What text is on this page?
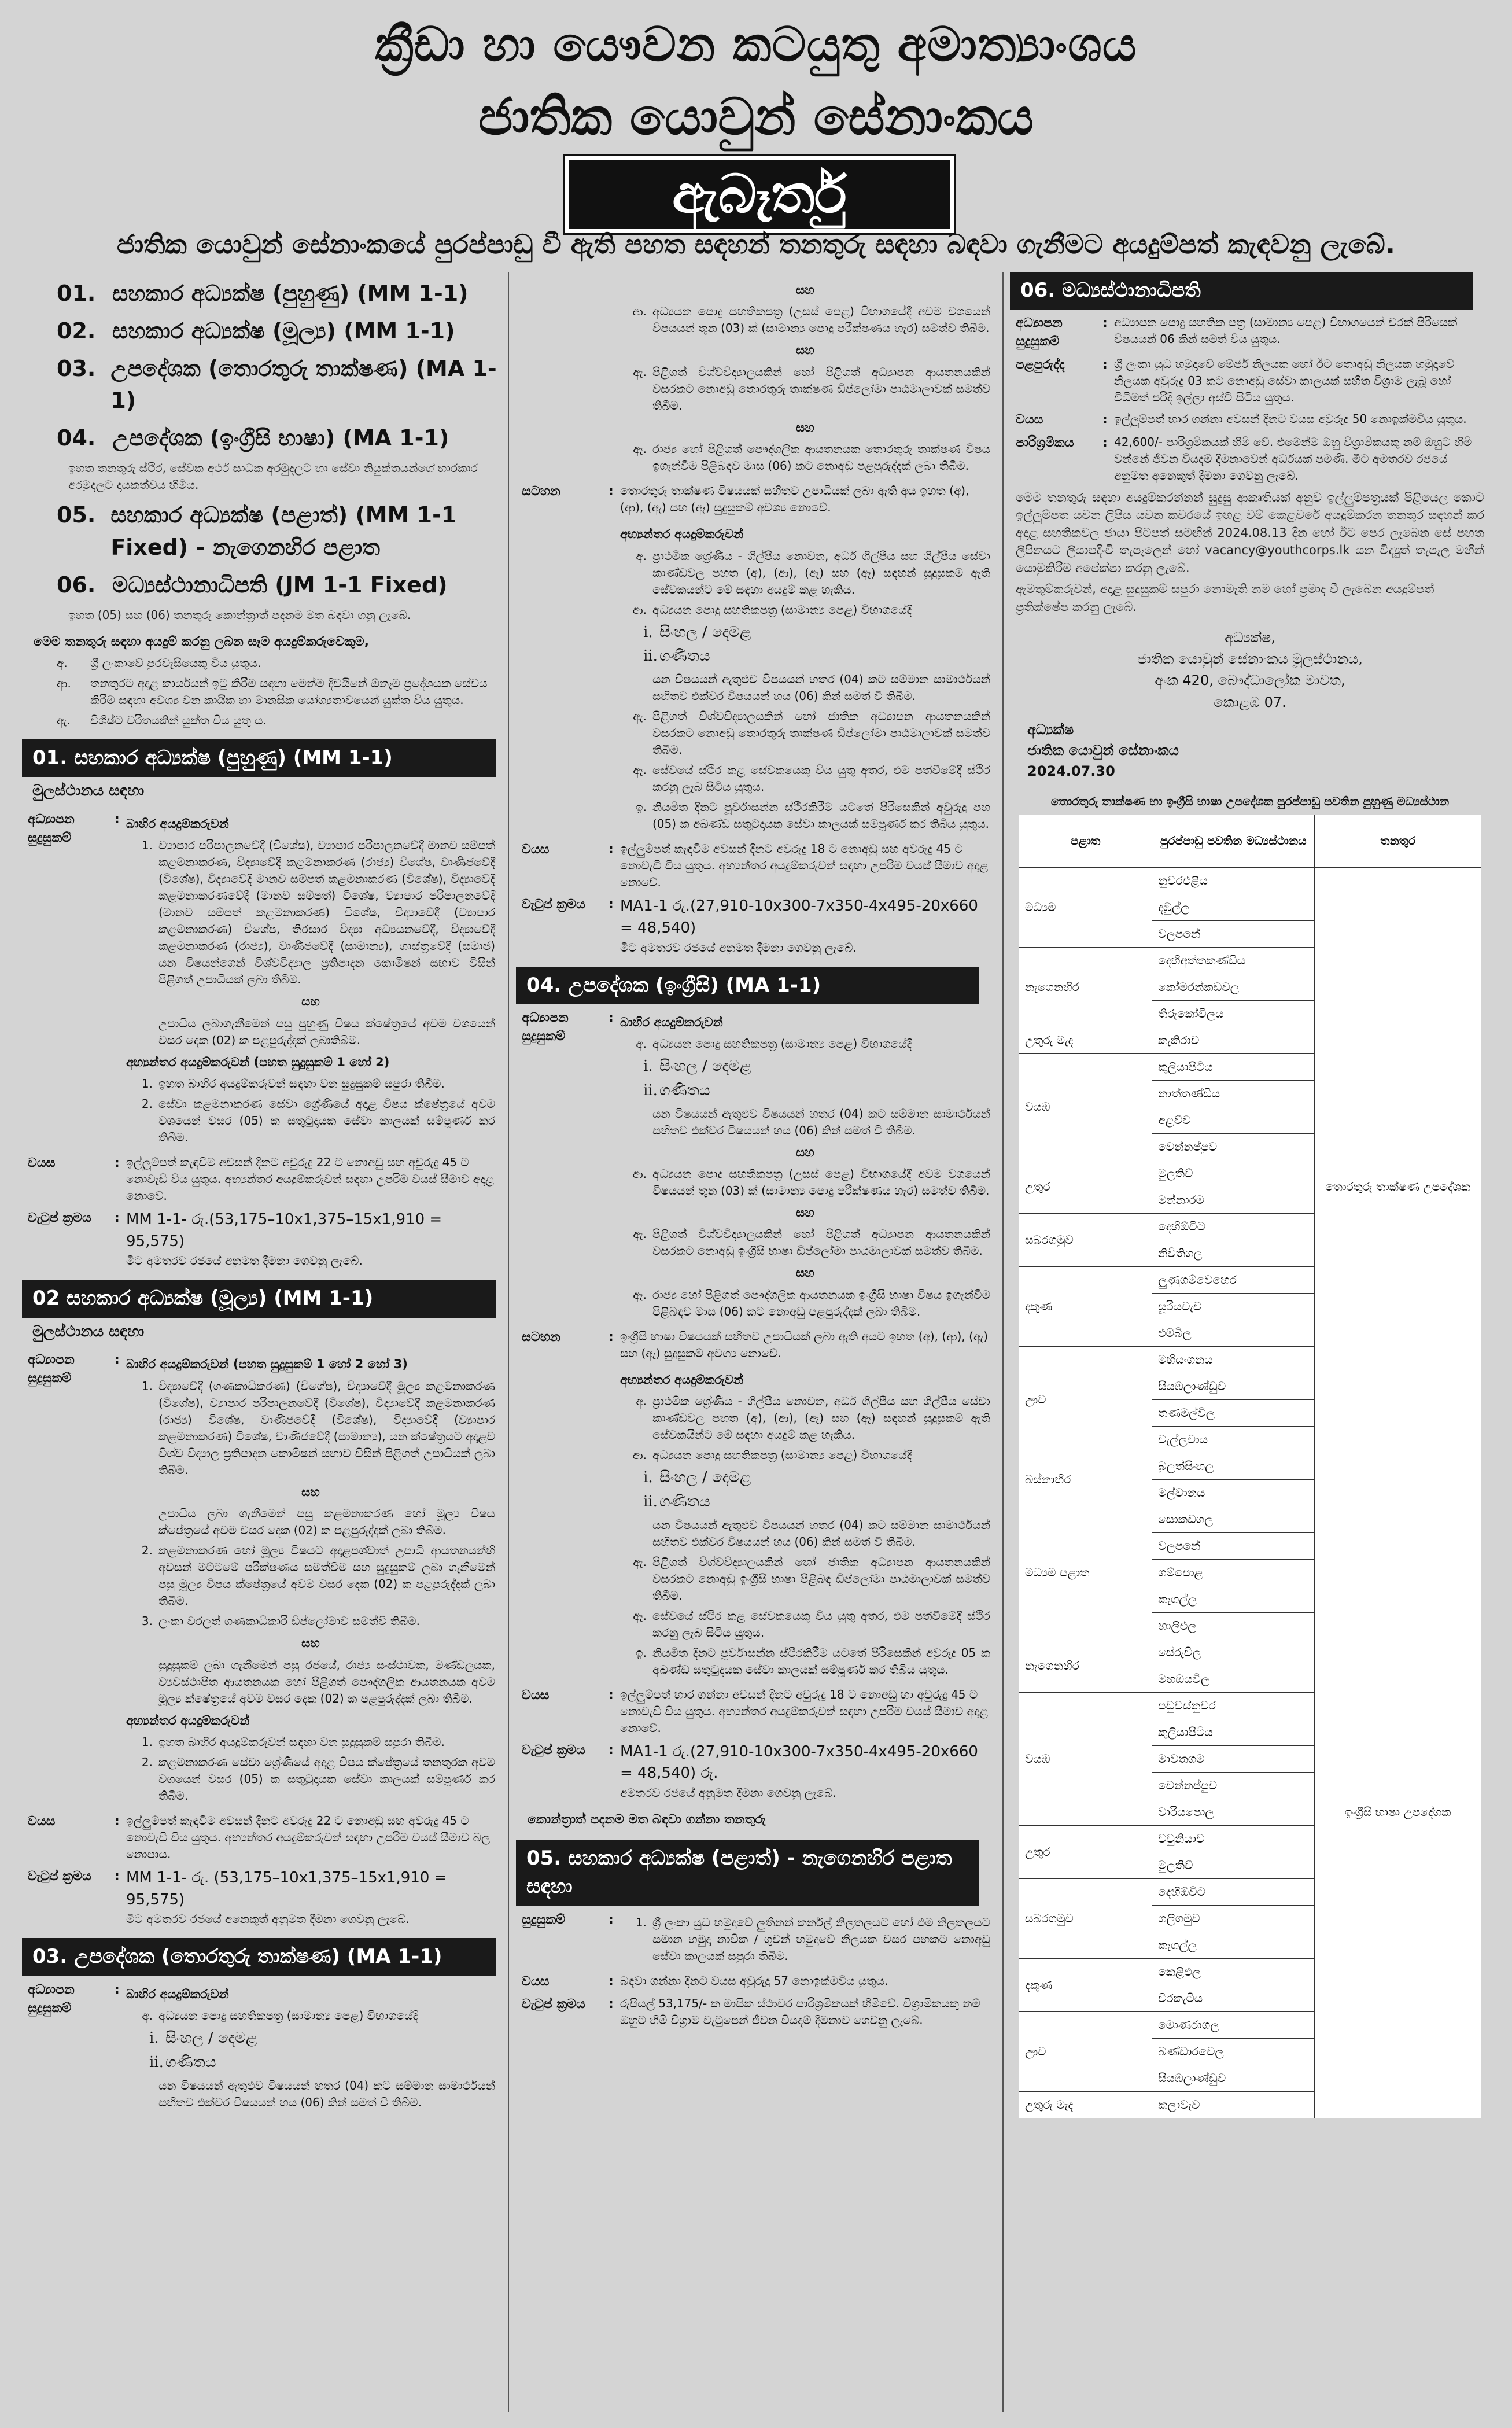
ක්‍රීඩා හා යෞවන කටයුතු අමාත්‍යාංශය
ජාතික යොවුන් සේනාංකය
ඇබෑර්තු
ජාතික යොවුන් සේනාංකයේ පුරප්පාඩු වී ඇති පහත සඳහන් තනතුරු සඳහා බඳවා ගැනීමට අයදුම්පත් කැඳවනු ලැබේ.
01. සහකාර අධ්‍යක්ෂ (පුහුණු) (MM 1-1)
02. සහකාර අධ්‍යක්ෂ (මූල්‍ය) (MM 1-1)
03. උපදේශක (තොරතුරු තාක්ෂණ) (MA 1-1)
04. උපදේශක (ඉංග්‍රීසි භාෂා) (MA 1-1)
ඉහත තනතුරු ස්ථිර, සේවක අර්ථ සාධක අරමුදලට හා සේවා නියුක්තයන්ගේ භාරකාර අරමුදලට දායකත්වය හිමිය.
05. සහකාර අධ්‍යක්ෂ (පළාත්) (MM 1-1 Fixed) - නැගෙනහිර පළාත
06. මධ්‍යස්ථානාධිපති (JM 1-1 Fixed)
ඉහත (05) සහ (06) තනතුරු කොන්ත්‍රාත් පදනම මත බඳවා ගනු ලැබේ.
මෙම තනතුරු සඳහා අයදුම් කරනු ලබන සෑම අයදුම්කරුවෙකුම,
අ.	ශ්‍රී ලංකාවේ පුරවැසියෙකු විය යුතුය.
ආ.	තනතුරට අදාළ කාර්යයන් ඉටු කිරීම සඳහා මෙන්ම දිවයිනේ ඕනෑම ප්‍රදේශයක සේවය කිරීම සඳහා අවශ්‍ය වන කායික හා මානසික යෝග්‍යතාවයෙන් යුක්ත විය යුතුය.
ඇ.	විශිෂ්ට චරිතයකින් යුක්ත විය යුතු ය.
01. සහකාර අධ්‍යක්ෂ (පුහුණු) (MM 1-1)
මුලස්ථානය සඳහා
අධ්‍යාපන සුදුසුකම්
: බාහිර අයදුම්කරුවන්
1. ව්‍යාපාර පරිපාලනවේදී (විශේෂ), ව්‍යාපාර පරිපාලනවේදී මානව සම්පත් කළමනාකරණ, විද්‍යාවේදී කළමනාකරණ (රාජ්‍ය) විශේෂ, වාණිජවේදී (විශේෂ), විද්‍යාවේදී මානව සම්පත් කළමනාකරණ (විශේෂ), විද්‍යාවේදී කළමනාකරණවේදී (මානව සම්පත්) විශේෂ, ව්‍යාපාර පරිපාලනවේදී (මානව සම්පත් කළමනාකරණ) විශේෂ, විද්‍යාවේදී (ව්‍යාපාර කළමනාකරණ) විශේෂ, තිරසාර විද්‍යා අධ්‍යයනවේදී, විද්‍යාවේදී කළමනාකරණ (රාජ්‍ය), වාණිජවේදී (සාමාන්‍ය), ශාස්ත්‍රවේදී (සමාජ) යන විෂයන්ගෙන් විශ්වවිද්‍යාල ප්‍රතිපාදන කොමිෂන් සභාව විසින් පිළිගත් උපාධියක් ලබා තිබීම.
සහ
උපාධිය ලබාගැනීමෙන් පසු පුහුණු විෂය ක්ෂේත්‍රයේ අවම වශයෙන් වසර දෙක (02) ක පළපුරුද්දක් ලබාතිබීම.
අභ්‍යන්තර අයදුම්කරුවන් (පහත සුදුසුකම් 1 හෝ 2)
1. ඉහත බාහිර අයදුම්කරුවන් සඳහා වන සුදුසුකම් සපුරා තිබීම.
2. සේවා කළමනාකරණ සේවා ශ්‍රේණියේ අදාළ විෂය ක්ෂේත්‍රයේ අවම වශයෙන් වසර (05) ක සතුටුදායක සේවා කාලයක් සම්පූර්ණ කර තිබීම.
වයස	: ඉල්ලුම්පත් කැඳවීම අවසන් දිනට අවුරුදු 22 ට නොඅඩු සහ අවුරුදු 45 ට නොවැඩි විය යුතුය. අභ්‍යන්තර අයදුම්කරුවන් සඳහා උපරිම වයස් සීමාව අදාළ නොවේ.
වැටුප් ක්‍රමය	: MM 1-1- රු.(53,175–10x1,375–15x1,910 = 95,575)
මීට අමතරව රජයේ අනුමත දීමනා ගෙවනු ලැබේ.
02 සහකාර අධ්‍යක්ෂ (මූල්‍ය) (MM 1-1)
මුලස්ථානය සඳහා
අධ්‍යාපන සුදුසුකම්
: බාහිර අයදුම්කරුවන් (පහත සුදුසුකම් 1 හෝ 2 හෝ 3)
1. විද්‍යාවේදී (ගණකාධිකරණ) (විශේෂ), විද්‍යාවේදී මූල්‍ය කළමනාකරණ (විශේෂ), ව්‍යාපාර පරිපාලනවේදී (විශේෂ), විද්‍යාවේදී කළමනාකරණ (රාජ්‍ය) විශේෂ, වාණිජවේදී (විශේෂ), විද්‍යාවේදී (ව්‍යාපාර කළමනාකරණ) විශේෂ, වාණිජවේදී (සාමාන්‍ය), යන ක්ෂේත්‍රයට අදාළව විශ්ව විද්‍යාල ප්‍රතිපාදන කොමිෂන් සභාව විසින් පිළිගත් උපාධියක් ලබා තිබීම.
සහ
උපාධිය ලබා ගැනීමෙන් පසු කළමනාකරණ හෝ මූල්‍ය විෂය ක්ෂේත්‍රයේ අවම වසර දෙක (02) ක පළපුරුද්දක් ලබා තිබීම.
2. කළමනාකරණ හෝ මූල්‍ය විෂයට අදාළපශ්චාත් උපාධි ආයතනයන්හි අවසන් මට්ටමේ පරීක්ෂණය සමත්වීම සහ සුදුසුකම් ලබා ගැනීමෙන් පසු මූල්‍ය විෂය ක්ෂේත්‍රයේ අවම වසර දෙක (02) ක පළපුරුද්දක් ලබා තිබීම.
3. ලංකා වරලත් ගණකාධිකාරී ඩිප්ලෝමාව සමත්වී තිබීම.
සහ
සුදුසුකම් ලබා ගැනීමෙන් පසු රජයේ, රාජ්‍ය සංස්ථාවක, මණ්ඩලයක, ව්‍යවස්ථාපිත ආයතනයක හෝ පිළිගත් පෞද්ගලික ආයතනයක අවම මූල්‍ය ක්ෂේත්‍රයේ අවම වසර දෙක (02) ක පළපුරුද්දක් ලබා තිබීම.
අභ්‍යන්තර අයදුම්කරුවන්
1. ඉහත බාහිර අයදුම්කරුවන් සඳහා වන සුදුසුකම් සපුරා තිබීම.
2. කළමනාකරණ සේවා ශ්‍රේණියේ අදාළ විෂය ක්ෂේත්‍රයේ තනතුරක අවම වශයෙන් වසර (05) ක සතුටුදායක සේවා කාලයක් සම්පූර්ණ කර තිබීම.
වයස	: ඉල්ලුම්පත් කැඳවීම අවසන් දිනට අවුරුදු 22 ට නොඅඩු සහ අවුරුදු 45 ට නොවැඩි විය යුතුය. අභ්‍යන්තර අයදුම්කරුවන් සඳහා උපරිම වයස් සීමාව බල නොපාය.
වැටුප් ක්‍රමය	: MM 1-1- රු. (53,175–10x1,375–15x1,910 = 95,575)
මීට අමතරව රජයේ අනෙකුත් අනුමත දීමනා ගෙවනු ලැබේ.
03. උපදේශක (තොරතුරු තාක්ෂණ) (MA 1-1)
අධ්‍යාපන සුදුසුකම්
: බාහිර අයදුම්කරුවන්
අ. අධ්‍යයන පොදු සහතිකපත්‍ර (සාමාන්‍ය පෙළ) විභාගයේදී
i. සිංහල / දෙමළ
ii. ගණිතය
යන විෂයයන් ඇතුළුව විෂයයන් හතර (04) කට සම්මාන සාමාර්ථයන් සහිතව එක්වර විෂයයන් හය (06) කින් සමත් වී තිබීම.
සහ
ආ. අධ්‍යයන පොදු සහතිකපත්‍ර (උසස් පෙළ) විභාගයේදී අවම වශයෙන් විෂයයන් තුන (03) ක් (සාමාන්‍ය පොදු පරීක්ෂණය හැර) සමත්ව තිබීම.
සහ
ඇ. පිළිගත් විශ්වවිද්‍යාලයකින් හෝ පිළිගත් අධ්‍යාපන ආයතනයකින් වසරකට නොඅඩු තොරතුරු තාක්ෂණ ඩිප්ලෝමා පාඨමාලාවක් සමත්ව තිබීම.
සහ
ඈ. රාජ්‍ය හෝ පිළිගත් පෞද්ගලික ආයතනයක තොරතුරු තාක්ෂණ විෂය ඉගැන්වීම පිළිබඳව මාස (06) කට නොඅඩු පළපුරුද්දක් ලබා තිබීම.
සටහන	: තොරතුරු තාක්ෂණ විෂයයක් සහිතව උපාධියක් ලබා ඇති අය ඉහත (අ), (ආ), (ඇ) සහ (ඈ) සුදුසුකම් අවශ්‍ය නොවේ.
අභ්‍යන්තර අයදුම්කරුවන්
අ. ප්‍රාථමික ශ්‍රේණිය - ශිල්පීය නොවන, අර්ධ ශිල්පීය සහ ශිල්පීය සේවා කාණ්ඩවල පහත (අ), (ආ), (ඇ) සහ (ඈ) සඳහන් සුදුසුකම් ඇති සේවකයන්ට මේ සඳහා අයදුම් කළ හැකිය.
ආ. අධ්‍යයන පොදු සහතිකපත්‍ර (සාමාන්‍ය පෙළ) විභාගයේදී
i. සිංහල / දෙමළ
ii. ගණිතය
යන විෂයයන් ඇතුළුව විෂයයන් හතර (04) කට සම්මාන සාමාර්ථයන් සහිතව එක්වර විෂයයන් හය (06) කින් සමත් වී තිබීම.
ඇ. පිළිගත් විශ්වවිද්‍යාලයකින් හෝ ජාතික අධ්‍යාපන ආයතනයකින් වසරකට නොඅඩු තොරතුරු තාක්ෂණ ඩිප්ලෝමා පාඨමාලාවක් සමත්ව තිබීම.
ඈ. සේවයේ ස්ථිර කළ සේවකයෙකු විය යුතු අතර, එම පත්වීමේදී ස්ථිර කරනු ලැබ සිටිය යුතුය.
ඉ. නියමිත දිනට පූර්වාසන්න ස්ථීරකිරීම යටතේ පිරිසෙකින් අවුරුදු පහ (05) ක අඛණ්ඩ සතුටුදායක සේවා කාලයක් සම්පූර්ණ කර තිබිය යුතුය.
වයස	: ඉල්ලුම්පත් කැඳවීම අවසන් දිනට අවුරුදු 18 ට නොඅඩු සහ අවුරුදු 45 ට නොවැඩි විය යුතුය. අභ්‍යන්තර අයදුම්කරුවන් සඳහා උපරිම වයස් සීමාව අදාළ නොවේ.
වැටුප් ක්‍රමය	: MA1-1 රු.(27,910-10x300-7x350-4x495-20x660 = 48,540)
මීට අමතරව රජයේ අනුමත දීමනා ගෙවනු ලැබේ.
04. උපදේශක (ඉංග්‍රීසි) (MA 1-1)
අධ්‍යාපන සුදුසුකම්
: බාහිර අයදුම්කරුවන්
අ. අධ්‍යයන පොදු සහතිකපත්‍ර (සාමාන්‍ය පෙළ) විභාගයේදී
i. සිංහල / දෙමළ
ii. ගණිතය
යන විෂයයන් ඇතුළුව විෂයයන් හතර (04) කට සම්මාන සාමාර්ථයන් සහිතව එක්වර විෂයයන් හය (06) කින් සමත් වී තිබීම.
සහ
ආ. අධ්‍යයන පොදු සහතිකපත්‍ර (උසස් පෙළ) විභාගයේදී අවම වශයෙන් විෂයයන් තුන (03) ක් (සාමාන්‍ය පොදු පරීක්ෂණය හැර) සමත්ව තිබීම.
සහ
ඇ. පිළිගත් විශ්වවිද්‍යාලයකින් හෝ පිළිගත් අධ්‍යාපන ආයතනයකින් වසරකට නොඅඩු ඉංග්‍රීසි භාෂා ඩිප්ලෝමා පාඨමාලාවක් සමත්ව තිබීම.
සහ
ඈ. රාජ්‍ය හෝ පිළිගත් පෞද්ගලික ආයතනයක ඉංග්‍රීසි භාෂා විෂය ඉගැන්වීම පිළිබඳව මාස (06) කට නොඅඩු පළපුරුද්දක් ලබා තිබීම.
සටහන	: ඉංග්‍රීසි භාෂා විෂයයක් සහිතව උපාධියක් ලබා ඇති අයට ඉහත (අ), (ආ), (ඇ) සහ (ඈ) සුදුසුකම් අවශ්‍ය නොවේ.
අභ්‍යන්තර අයදුම්කරුවන්
අ. ප්‍රාථමික ශ්‍රේණිය - ශිල්පීය නොවන, අර්ධ ශිල්පීය සහ ශිල්පීය සේවා කාණ්ඩවල පහත (අ), (ආ), (ඇ) සහ (ඈ) සඳහන් සුදුසුකම් ඇති සේවකයින්ට මේ සඳහා අයදුම් කළ හැකිය.
ආ. අධ්‍යයන පොදු සහතිකපත්‍ර (සාමාන්‍ය පෙළ) විභාගයේදී
i. සිංහල / දෙමළ
ii. ගණිතය
යන විෂයයන් ඇතුළුව විෂයයන් හතර (04) කට සම්මාන සාමාර්ථයන් සහිතව එක්වර විෂයයන් හය (06) කින් සමත් වී තිබීම.
ඇ. පිළිගත් විශ්වවිද්‍යාලයකින් හෝ ජාතික අධ්‍යාපන ආයතනයකින් වසරකට නොඅඩු ඉංග්‍රීසි භාෂා පිළිබඳ ඩිප්ලෝමා පාඨමාලාවක් සමත්ව තිබීම.
ඈ. සේවයේ ස්ථිර කළ සේවකයෙකු විය යුතු අතර, එම පත්වීමේදී ස්ථිර කරනු ලැබ සිටිය යුතුය.
ඉ. නියමිත දිනට පූර්වාසන්න ස්ථීරකිරීම යටතේ පිරිසෙකින් අවුරුදු 05 ක අඛණ්ඩ සතුටුදායක සේවා කාලයක් සම්පූර්ණ කර තිබිය යුතුය.
වයස	: ඉල්ලුම්පත් භාර ගන්නා අවසන් දිනට අවුරුදු 18 ට නොඅඩු හා අවුරුදු 45 ට නොවැඩි විය යුතුය. අභ්‍යන්තර අයදුම්කරුවන් සඳහා උපරිම වයස් සීමාව අදාළ නොවේ.
වැටුප් ක්‍රමය	: MA1-1 රු.(27,910-10x300-7x350-4x495-20x660 = 48,540) රු.
අමතරව රජයේ අනුමත දීමනා ගෙවනු ලැබේ.
කොන්ත්‍රාත් පදනම මත බඳවා ගන්නා තනතුරු
05. සහකාර අධ්‍යක්ෂ (පළාත්) - නැගෙනහිර පළාත සඳහා
සුදුසුකම්	:	1. ශ්‍රී ලංකා යුධ හමුදාවේ ලුතිනන් කර්නල් නිලතලයට හෝ එම නිලතලයට සමාන හමුදා නාවික / ගුවන් හමුදාවේ නිලයක වසර පහකට නොඅඩු සේවා කාලයක් සපුරා තිබීම.
වයස	: බඳවා ගන්නා දිනට වයස අවුරුදු 57 නොඉක්මවිය යුතුය.
වැටුප් ක්‍රමය	: රුපියල් 53,175/- ක මාසික ස්ථාවර පාරිශ්‍රමිකයක් හිමිවේ. විශ්‍රාමිකයකු නම් ඔහුට හිමි විශ්‍රාම වැටුපෙන් ජීවන වියදම් දීමනාව ගෙවනු ලැබේ.
06. මධ්‍යස්ථානාධිපති
අධ්‍යාපන සුදුසුකම්
: අධ්‍යාපන පොදු සහතික පත්‍ර (සාමාන්‍ය පෙළ) විභාගයෙන් වරක් පිරිසෙක් විෂයයන් 06 කින් සමත් විය යුතුය.
පළපුරුද්ද	: ශ්‍රී ලංකා යුධ හමුදාවේ මේජර් නිලයක හෝ ඊට තොඅඩු නිලයක හමුදාවේ නිලයක අවුරුදු 03 කට නොඅඩු සේවා කාලයක් සහිත විශ්‍රාම ලැබූ හෝ විධිමත් පරිදි ඉල්ලා අස්වී සිටිය යුතුය.
වයස	: ඉල්ලුම්පත් භාර ගන්නා අවසන් දිනට වයස අවුරුදු 50 නොඉක්මවිය යුතුය.
පාරිශ්‍රමිකය	: 42,600/- පාරිශ්‍රමිකයක් හිමි වේ. එමෙන්ම ඔහු විශ්‍රාමිකයකු නම් ඔහුට හිමි වන්නේ ජීවන වියදම් දීමනාවෙන් අර්ධයක් පමණි. මීට අමතරව රජයේ අනුමත අනෙකුත් දීමනා ගෙවනු ලැබේ.
මෙම තනතුරු සඳහා අයදුම්කරන්නන් සුදුසු ආකෘතියක් අනුව ඉල්ලුම්පත්‍රයක් පිළියෙල කොට ඉල්ලුම්පත යවන ලිපිය යවන කවරයේ ඉහළ වම් කෙළවරේ අයදුම්කරන තනතුර සඳහන් කර අදාළ සහතිකවල ජායා පිටපත් සමඟින් 2024.08.13 දින හෝ ඊට පෙර ලැබෙන සේ පහත ලිපිනයට ලියාපදිංචි තැපෑලෙන් හෝ vacancy@youthcorps.lk යන විද්‍යුත් තැපෑල මඟින් යොමුකිරීම අපේක්ෂා කරනු ලැබේ.
ඇමතුම්කරුවන්, අදාළ සුදුසුකම් සපුරා නොමැති නම හෝ ප්‍රමාද වී ලැබෙන අයදුම්පත් ප්‍රතික්ෂේප කරනු ලැබේ.
අධ්‍යක්ෂ,
ජාතික යොවුන් සේනාංකය මූලස්ථානය,
අංක 420, බෞද්ධාලෝක මාවත,
කොළඹ 07.
අධ්‍යක්ෂ
ජාතික යොවුන් සේනාංකය
2024.07.30
තොරතුරු තාක්ෂණ හා ඉංග්‍රීසි භාෂා උපදේශක පුරප්පාඩු පවතින පුහුණු මධ්‍යස්ථාන
පළාත	පුරප්පාඩු පවතින මධ්‍යස්ථානය	තනතුර
මධ්‍යම	නුවරඑළිය	තොරතුරු තාක්ෂණ උපදේශක
	දඹුල්ල	
	වලපනේ	
නැගෙනහිර	දෙහිඅත්තකණ්ඩිය	
	කෝමරන්කඩවල	
	තිරුකෝවිලය	
උතුරු මැද	කැකිරාව	
වයඹ	කුලියාපිටිය	
	නාත්තණ්ඩිය	
	අළව්ව	
	වෙන්නප්පුව	
උතුර	මුලතිව්	
	මන්නාරම	
සබරගමුව	දෙහිඕවිට	
	නිවිතිගල	
දකුණ	ලුණුගම්වෙහෙර	
	සූරියවැව	
	එම්බිල	
ඌව	මහියංගනය	
	සියඹලාණ්ඩුව	
	තණමල්විල	
	වැල්ලවාය	
බස්නාහිර	බුලත්සිංහල	
	මල්වානය	
මධ්‍යම පළාත	සොකඩගල	ඉංග්‍රීසි භාෂා උපදේශක
	වලපනේ	
	ගම්පොළ	
	කෑගල්ල	
	හාලිඑල	
නැගෙනහිර	සේරුවිල	
	මහඔයවිල	
වයඹ	පඩුවස්නුවර	
	කුලියාපිටිය	
	මාවතගම	
	වෙන්නප්පුව	
	වාරියපොල	
උතුර	වවුනියාව	
	මුලතිව්	
සබරගමුව	දෙහිඕවිට	
	ගලිගමුව	
	කෑගල්ල	
දකුණ	කෙළිඑල	
	වීරකැටිය	
ඌව	මොණරාගල	
	බණ්ඩාරවෙල	
	සියඹලාණ්ඩුව	
උතුරු මැද	කලාවැව	
